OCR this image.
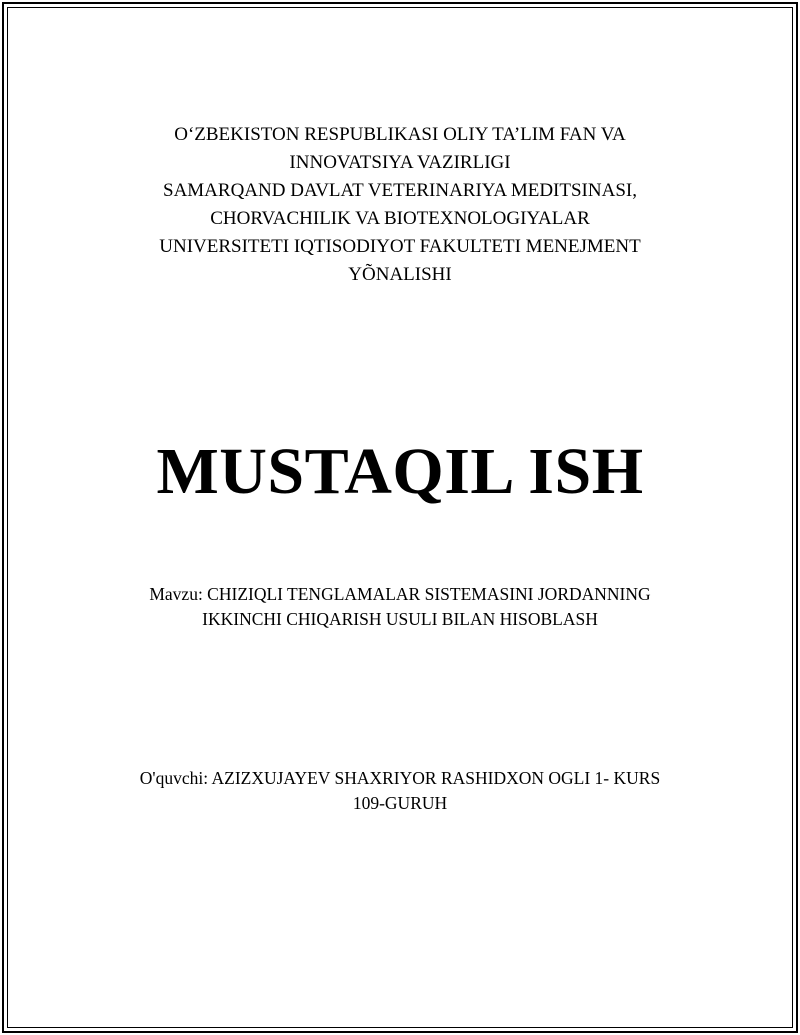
O‘ZBEKISTON RESPUBLIKASI OLIY TA’LIM FAN VA
INNOVATSIYA VAZIRLIGI
SAMARQAND DAVLAT VETERINARIYA MEDITSINASI,
CHORVACHILIK VA BIOTEXNOLOGIYALAR
UNIVERSITETI IQTISODIYOT FAKULTETI MENEJMENT
YÕNALISHI
MUSTAQIL ISH
Mavzu: CHIZIQLI TENGLAMALAR SISTEMASINI JORDANNING
IKKINCHI CHIQARISH USULI BILAN HISOBLASH
O'quvchi: AZIZXUJAYEV SHAXRIYOR RASHIDXON OGLI 1- KURS
109-GURUH
